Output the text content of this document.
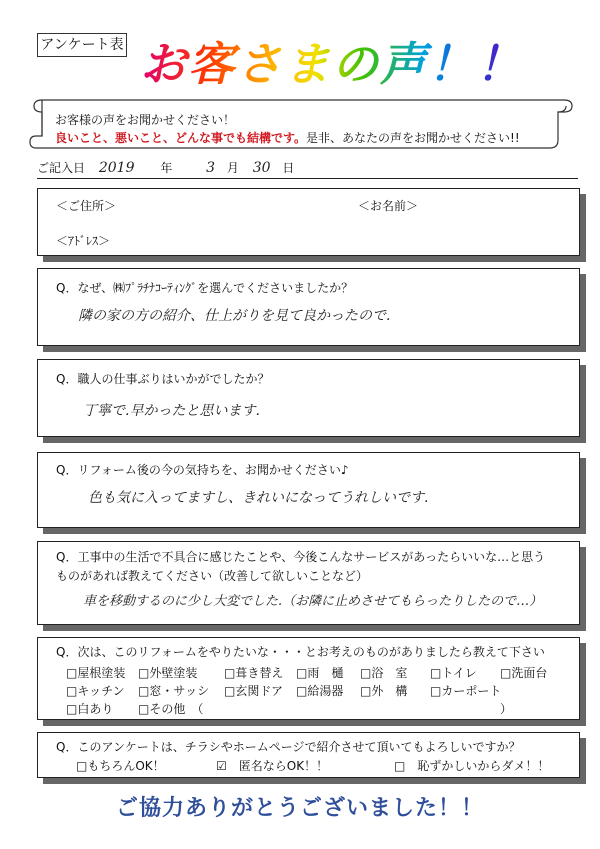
アンケート表 お客さまの声！！
お客様の声をお聞かせください！
良いこと、悪いこと、どんな事でも結構です。是非、あなたの声をお聞かせください!!
ご記入日 2019 年 3 月 30 日
＜ご住所＞	＜お名前＞
＜ｱﾄﾞﾚｽ＞
Q．なぜ、㈱ﾌﾟﾗﾁﾅｺｰﾃｨﾝｸﾞを選んでくださいましたか？
隣の家の方の紹介、仕上がりを見て良かったので.
Q．職人の仕事ぶりはいかがでしたか？
丁寧で.早かったと思います.
Q．リフォーム後の今の気持ちを、お聞かせください♪
色も気に入ってますし、きれいになってうれしいです.
Q．工事中の生活で不具合に感じたことや、今後こんなサービスがあったらいいな…と思う
ものがあれば教えてください（改善して欲しいことなど）
車を移動するのに少し大変でした.（お隣に止めさせてもらったりしたので…）
Q．次は、このリフォームをやりたいな・・・とお考えのものがありましたら教えて下さい
□屋根塗装 □外壁塗装 □葺き替え □雨　樋 □浴　室 □トイレ □洗面台
□キッチン □窓・サッシ □玄関ドア □給湯器 □外　構 □カーポート
□白あり □その他　（	）
Q．このアンケートは、チラシやホームページで紹介させて頂いてもよろしいですか？
□もちろんOK！	☑　匿名ならOK！！	□　恥ずかしいからダメ！！
ご協力ありがとうございました！！
